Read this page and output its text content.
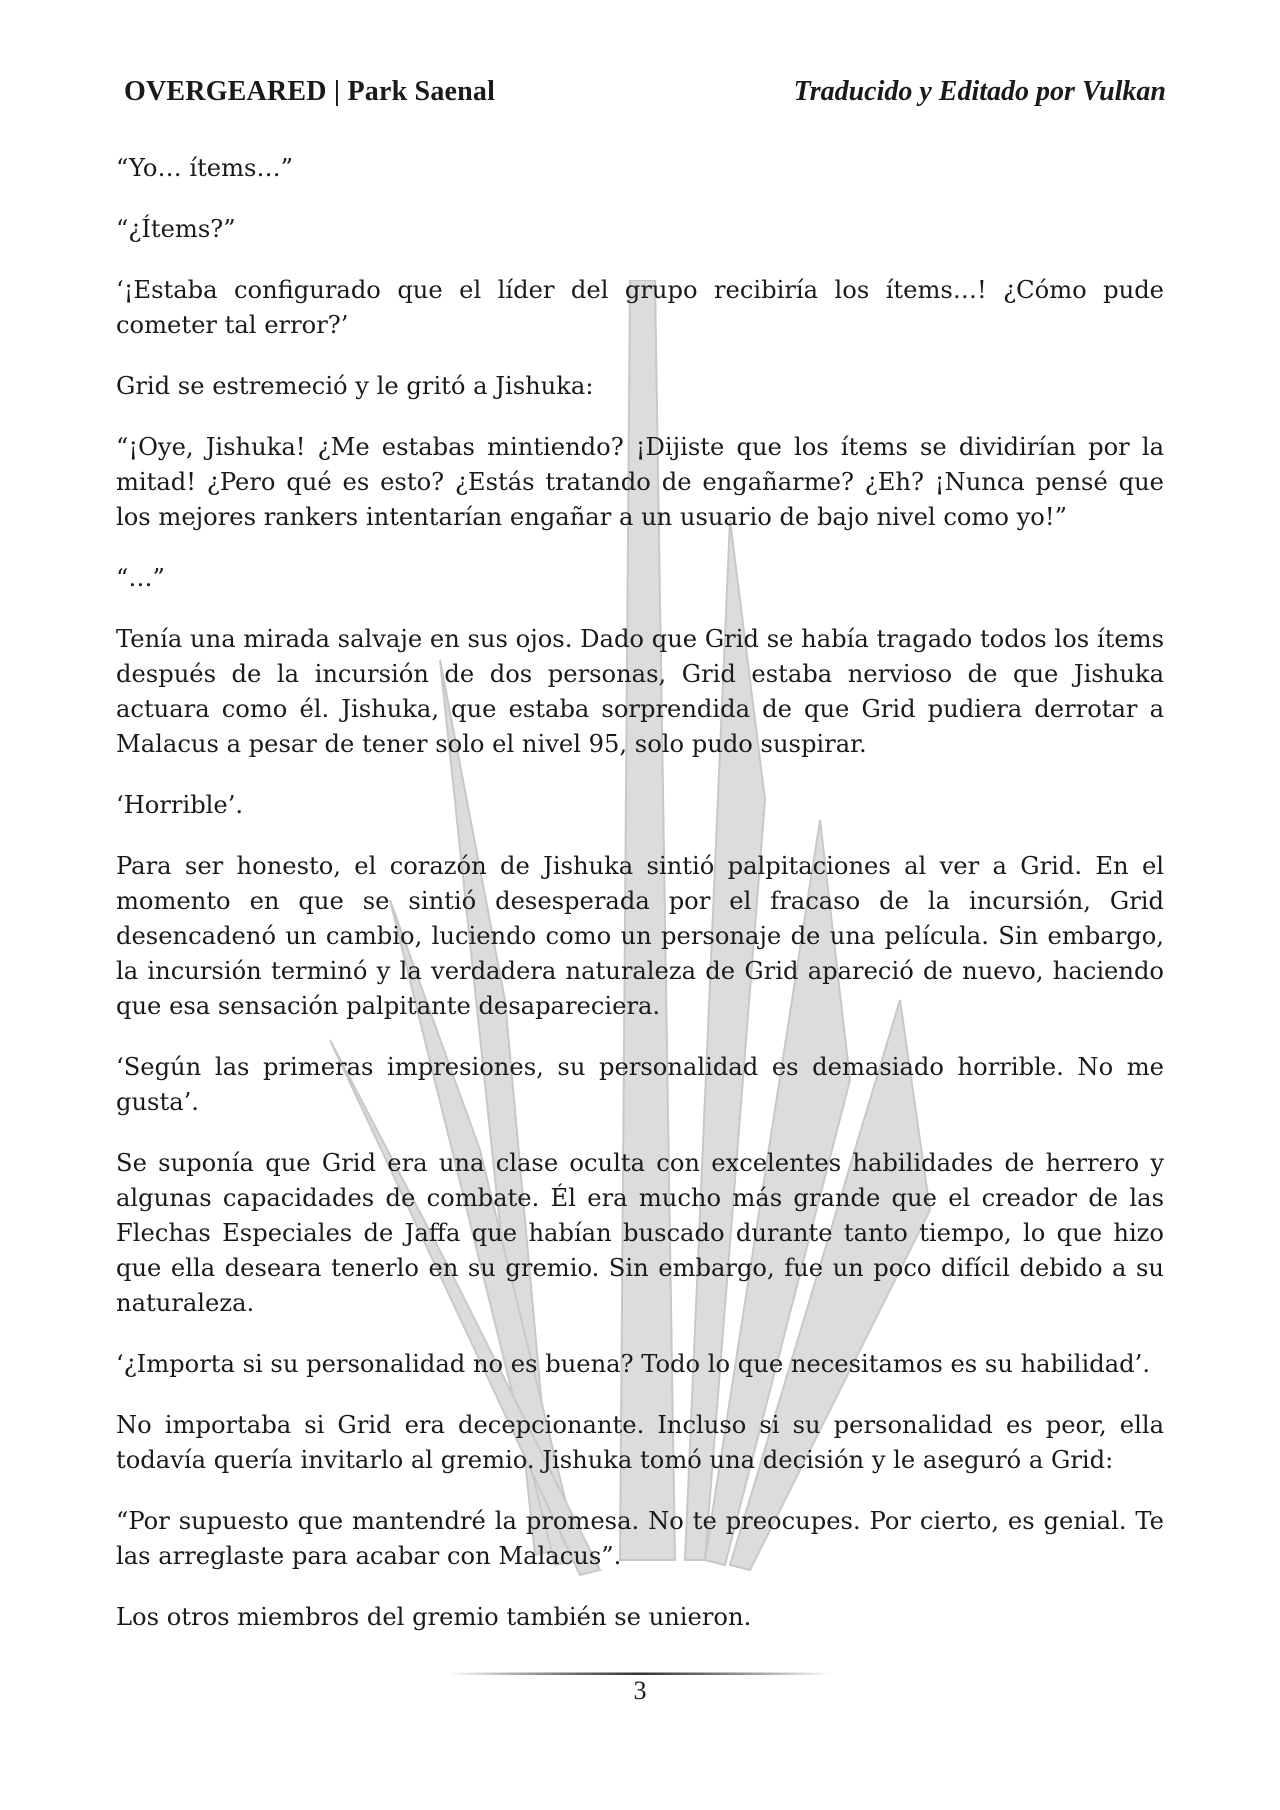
OVERGEARED | Park Saenal	Traducido y Editado por Vulkan

“Yo… ítems…”

“¿Ítems?”

‘¡Estaba configurado que el líder del grupo recibiría los ítems…! ¿Cómo pude cometer tal error?’

Grid se estremeció y le gritó a Jishuka:

“¡Oye, Jishuka! ¿Me estabas mintiendo? ¡Dijiste que los ítems se dividirían por la mitad! ¿Pero qué es esto? ¿Estás tratando de engañarme? ¿Eh? ¡Nunca pensé que los mejores rankers intentarían engañar a un usuario de bajo nivel como yo!”

“…”

Tenía una mirada salvaje en sus ojos. Dado que Grid se había tragado todos los ítems después de la incursión de dos personas, Grid estaba nervioso de que Jishuka actuara como él. Jishuka, que estaba sorprendida de que Grid pudiera derrotar a Malacus a pesar de tener solo el nivel 95, solo pudo suspirar.

‘Horrible’.

Para ser honesto, el corazón de Jishuka sintió palpitaciones al ver a Grid. En el momento en que se sintió desesperada por el fracaso de la incursión, Grid desencadenó un cambio, luciendo como un personaje de una película. Sin embargo, la incursión terminó y la verdadera naturaleza de Grid apareció de nuevo, haciendo que esa sensación palpitante desapareciera.

‘Según las primeras impresiones, su personalidad es demasiado horrible. No me gusta’.

Se suponía que Grid era una clase oculta con excelentes habilidades de herrero y algunas capacidades de combate. Él era mucho más grande que el creador de las Flechas Especiales de Jaffa que habían buscado durante tanto tiempo, lo que hizo que ella deseara tenerlo en su gremio. Sin embargo, fue un poco difícil debido a su naturaleza.

‘¿Importa si su personalidad no es buena? Todo lo que necesitamos es su habilidad’.

No importaba si Grid era decepcionante. Incluso si su personalidad es peor, ella todavía quería invitarlo al gremio. Jishuka tomó una decisión y le aseguró a Grid:

“Por supuesto que mantendré la promesa. No te preocupes. Por cierto, es genial. Te las arreglaste para acabar con Malacus”.

Los otros miembros del gremio también se unieron.

3
